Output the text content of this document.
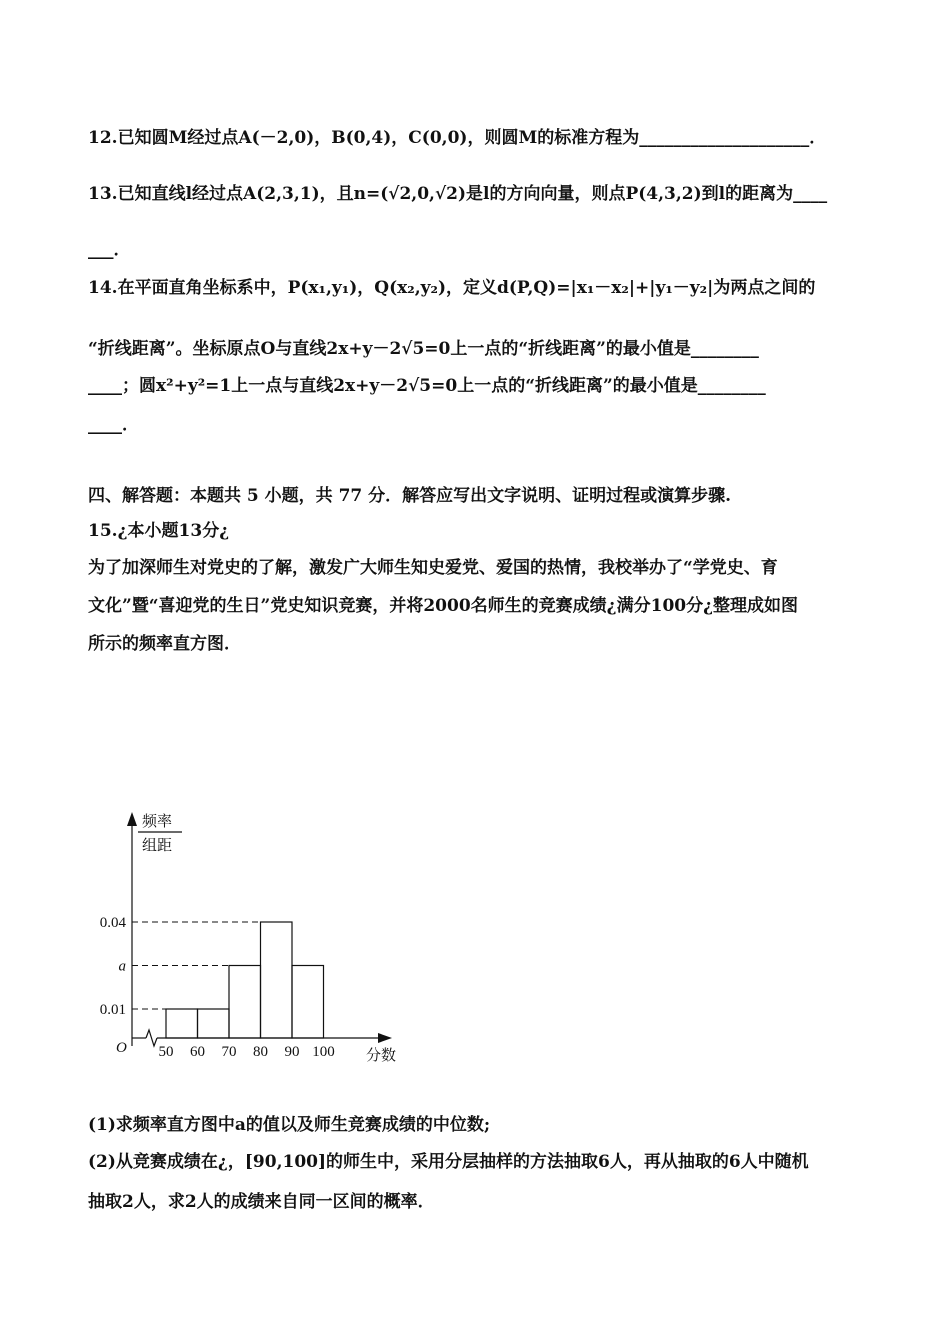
12.已知圆M经过点A(－2,0)，B(0,4)，C(0,0)，则圆M的标准方程为____________________．
13.已知直线l经过点A(2,3,1)，且n=(√2,0,√2)是l的方向向量，则点P(4,3,2)到l的距离为____
___．
14.在平面直角坐标系中，P(x₁,y₁)，Q(x₂,y₂)，定义d(P,Q)=|x₁－x₂|+|y₁－y₂|为两点之间的
“折线距离”。坐标原点O与直线2x+y－2√5=0上一点的“折线距离”的最小值是________
____；圆x²+y²=1上一点与直线2x+y－2√5=0上一点的“折线距离”的最小值是________
____．
四、解答题：本题共 5 小题，共 77 分．解答应写出文字说明、证明过程或演算步骤.
15.¿本小题13分¿
为了加深师生对党史的了解，激发广大师生知史爱党、爱国的热情，我校举办了“学党史、育
文化”暨“喜迎党的生日”党史知识竞赛，并将2000名师生的竞赛成绩¿满分100分¿整理成如图
所示的频率直方图．
0.01
a
0.04
50 60 70 80 90 100
频率
组距
分数
O
(1)求频率直方图中a的值以及师生竞赛成绩的中位数;
(2)从竞赛成绩在¿，[90,100]的师生中，采用分层抽样的方法抽取6人，再从抽取的6人中随机
抽取2人，求2人的成绩来自同一区间的概率．
